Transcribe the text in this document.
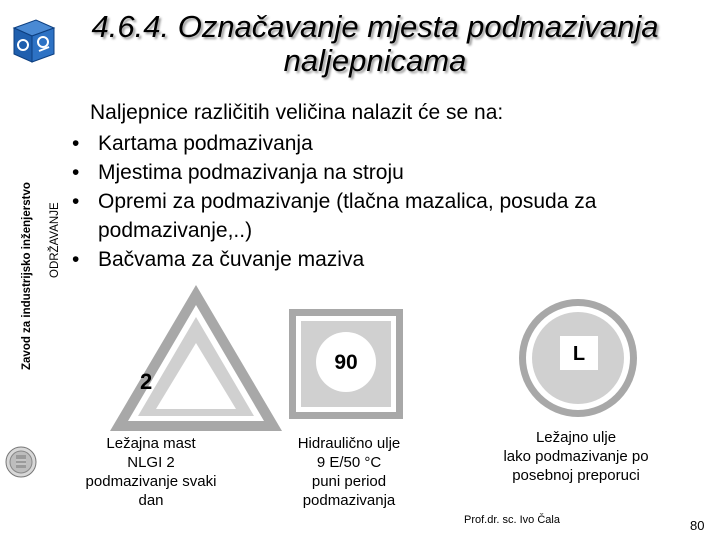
4.6.4. Označavanje mjesta podmazivanja
naljepnicama
Zavod za industrijsko inženjerstvo ODRŽAVANJE
Naljepnice različitih veličina nalazit će se na:
• Kartama podmazivanja
• Mjestima podmazivanja na stroju
• Opremi za podmazivanje (tlačna mazalica, posuda za podmazivanje,..)
• Bačvama za čuvanje maziva
2
Ležajna mast
NLGI 2
podmazivanje svaki
dan
90
Hidraulično ulje
9 E/50 °C
puni period
podmazivanja
L
Ležajno ulje
lako podmazivanje po
posebnoj preporuci
Prof.dr. sc. Ivo Čala	80
